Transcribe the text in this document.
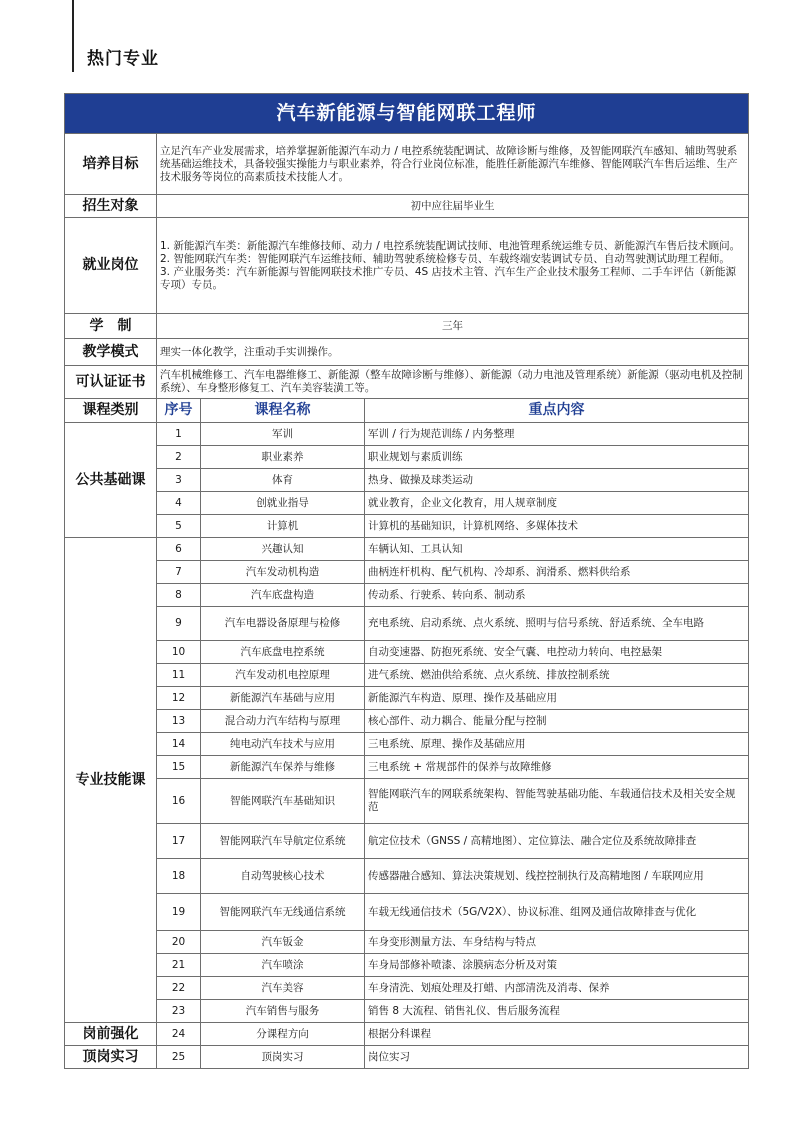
热门专业
汽车新能源与智能网联工程师			
培养目标	立足汽车产业发展需求，培养掌握新能源汽车动力 / 电控系统装配调试、故障诊断与维修，及智能网联汽车感知、辅助驾驶系统基础运维技术，具备较强实操能力与职业素养，符合行业岗位标准，能胜任新能源汽车维修、智能网联汽车售后运维、生产技术服务等岗位的高素质技术技能人才。		
招生对象	初中应往届毕业生		
就业岗位	1. 新能源汽车类：新能源汽车维修技师、动力 / 电控系统装配调试技师、电池管理系统运维专员、新能源汽车售后技术顾问。
2. 智能网联汽车类：智能网联汽车运维技师、辅助驾驶系统检修专员、车载终端安装调试专员、自动驾驶测试助理工程师。
3. 产业服务类：汽车新能源与智能网联技术推广专员、4S 店技术主管、汽车生产企业技术服务工程师、二手车评估（新能源专项）专员。		

学　制	三年		
教学模式	理实一体化教学，注重动手实训操作。		
可认证证书	汽车机械维修工、汽车电器维修工、新能源（整车故障诊断与维修）、新能源（动力电池及管理系统）新能源（驱动电机及控制系统）、车身整形修复工、汽车美容装潢工等。		
课程类别	序号	课程名称	重点内容
公共基础课	1	军训	军训 / 行为规范训练 / 内务整理
	2	职业素养	职业规划与素质训练
	3	体育	热身、做操及球类运动
	4	创就业指导	就业教育，企业文化教育，用人规章制度
	5	计算机	计算机的基础知识，计算机网络、多媒体技术
专业技能课	6	兴趣认知	车辆认知、工具认知
	7	汽车发动机构造	曲柄连杆机构、配气机构、冷却系、润滑系、燃料供给系
	8	汽车底盘构造	传动系、行驶系、转向系、制动系
	9	汽车电器设备原理与检修	充电系统、启动系统、点火系统、照明与信号系统、舒适系统、全车电路
	10	汽车底盘电控系统	自动变速器、防抱死系统、安全气囊、电控动力转向、电控悬架
	11	汽车发动机电控原理	进气系统、燃油供给系统、点火系统、排放控制系统
	12	新能源汽车基础与应用	新能源汽车构造、原理、操作及基础应用
	13	混合动力汽车结构与原理	核心部件、动力耦合、能量分配与控制
	14	纯电动汽车技术与应用	三电系统、原理、操作及基础应用
	15	新能源汽车保养与维修	三电系统 + 常规部件的保养与故障维修
	16	智能网联汽车基础知识	智能网联汽车的网联系统架构、智能驾驶基础功能、车载通信技术及相关安全规范
	17	智能网联汽车导航定位系统	航定位技术（GNSS / 高精地图）、定位算法、融合定位及系统故障排查
	18	自动驾驶核心技术	传感器融合感知、算法决策规划、线控控制执行及高精地图 / 车联网应用
	19	智能网联汽车无线通信系统	车载无线通信技术（5G/V2X）、协议标准、组网及通信故障排查与优化
	20	汽车钣金	车身变形测量方法、车身结构与特点
	21	汽车喷涂	车身局部修补喷漆、涂膜病态分析及对策
	22	汽车美容	车身清洗、划痕处理及打蜡、内部清洗及消毒、保养
	23	汽车销售与服务	销售 8 大流程、销售礼仪、售后服务流程
岗前强化	24	分课程方向	根据分科课程
顶岗实习	25	顶岗实习	岗位实习
